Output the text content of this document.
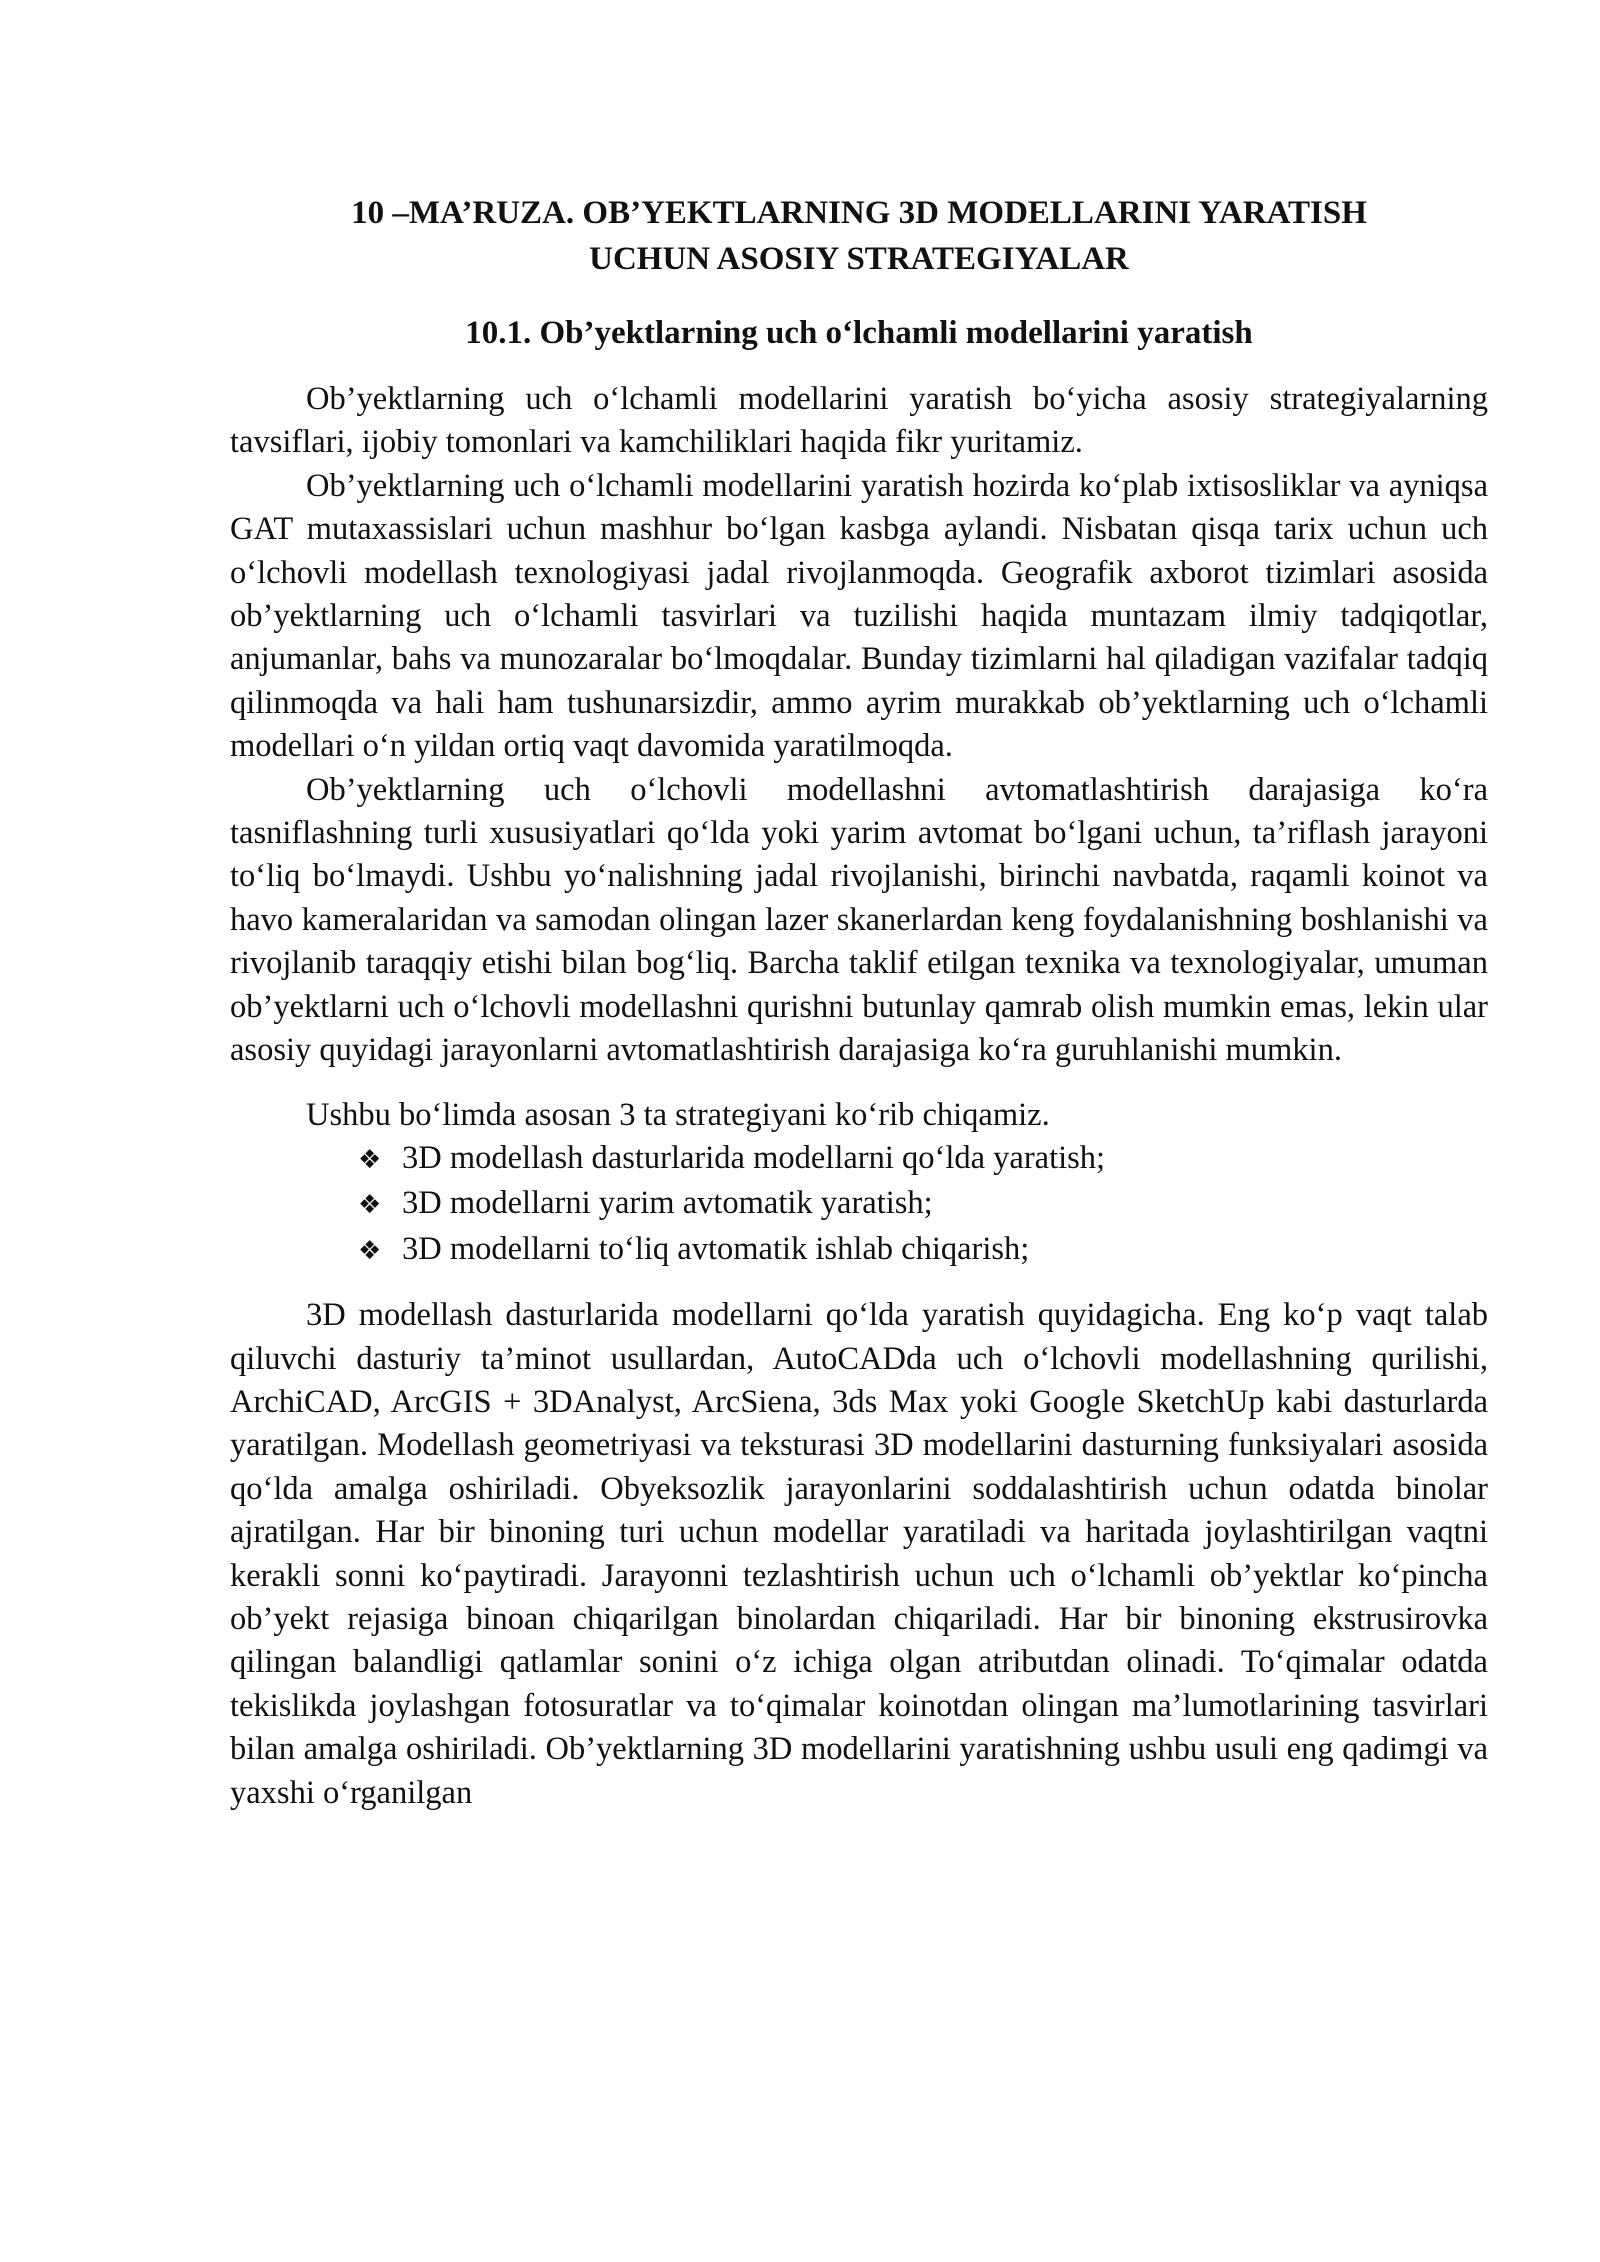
10 –MA’RUZA. OB’YEKTLARNING 3D MODELLARINI YARATISH
UCHUN ASOSIY STRATEGIYALAR
10.1. Ob’yektlarning uch o‘lchamli modellarini yaratish

Ob’yektlarning uch o‘lchamli modellarini yaratish bo‘yicha asosiy strategiyalarning tavsiflari, ijobiy tomonlari va kamchiliklari haqida fikr yuritamiz.

Ob’yektlarning uch o‘lchamli modellarini yaratish hozirda ko‘plab ixtisosliklar va ayniqsa GAT mutaxassislari uchun mashhur bo‘lgan kasbga aylandi. Nisbatan qisqa tarix uchun uch o‘lchovli modellash texnologiyasi jadal rivojlanmoqda. Geografik axborot tizimlari asosida ob’yektlarning uch o‘lchamli tasvirlari va tuzilishi haqida muntazam ilmiy tadqiqotlar, anjumanlar, bahs va munozaralar bo‘lmoqdalar. Bunday tizimlarni hal qiladigan vazifalar tadqiq qilinmoqda va hali ham tushunarsizdir, ammo ayrim murakkab ob’yektlarning uch o‘lchamli modellari o‘n yildan ortiq vaqt davomida yaratilmoqda.

Ob’yektlarning uch o‘lchovli modellashni avtomatlashtirish darajasiga ko‘ra tasniflashning turli xususiyatlari qo‘lda yoki yarim avtomat bo‘lgani uchun, ta’riflash jarayoni to‘liq bo‘lmaydi. Ushbu yo‘nalishning jadal rivojlanishi, birinchi navbatda, raqamli koinot va havo kameralaridan va samodan olingan lazer skanerlardan keng foydalanishning boshlanishi va rivojlanib taraqqiy etishi bilan bog‘liq. Barcha taklif etilgan texnika va texnologiyalar, umuman ob’yektlarni uch o‘lchovli modellashni qurishni butunlay qamrab olish mumkin emas, lekin ular asosiy quyidagi jarayonlarni avtomatlashtirish darajasiga ko‘ra guruhlanishi mumkin.

Ushbu bo‘limda asosan 3 ta strategiyani ko‘rib chiqamiz.

❖ 3D modellash dasturlarida modellarni qo‘lda yaratish;
❖ 3D modellarni yarim avtomatik yaratish;
❖ 3D modellarni to‘liq avtomatik ishlab chiqarish;

3D modellash dasturlarida modellarni qo‘lda yaratish quyidagicha. Eng ko‘p vaqt talab qiluvchi dasturiy ta’minot usullardan, AutoCADda uch o‘lchovli modellashning qurilishi, ArchiCAD, ArcGIS + 3DAnalyst, ArcSiena, 3ds Max yoki Google SketchUp kabi dasturlarda yaratilgan. Modellash geometriyasi va teksturasi 3D modellarini dasturning funksiyalari asosida qo‘lda amalga oshiriladi. Obyeksozlik jarayonlarini soddalashtirish uchun odatda binolar ajratilgan. Har bir binoning turi uchun modellar yaratiladi va haritada joylashtirilgan vaqtni kerakli sonni ko‘paytiradi. Jarayonni tezlashtirish uchun uch o‘lchamli ob’yektlar ko‘pincha ob’yekt rejasiga binoan chiqarilgan binolardan chiqariladi. Har bir binoning ekstrusirovka qilingan balandligi qatlamlar sonini o‘z ichiga olgan atributdan olinadi. To‘qimalar odatda tekislikda joylashgan fotosuratlar va to‘qimalar koinotdan olingan ma’lumotlarining tasvirlari bilan amalga oshiriladi. Ob’yektlarning 3D modellarini yaratishning ushbu usuli eng qadimgi va yaxshi o‘rganilgan
